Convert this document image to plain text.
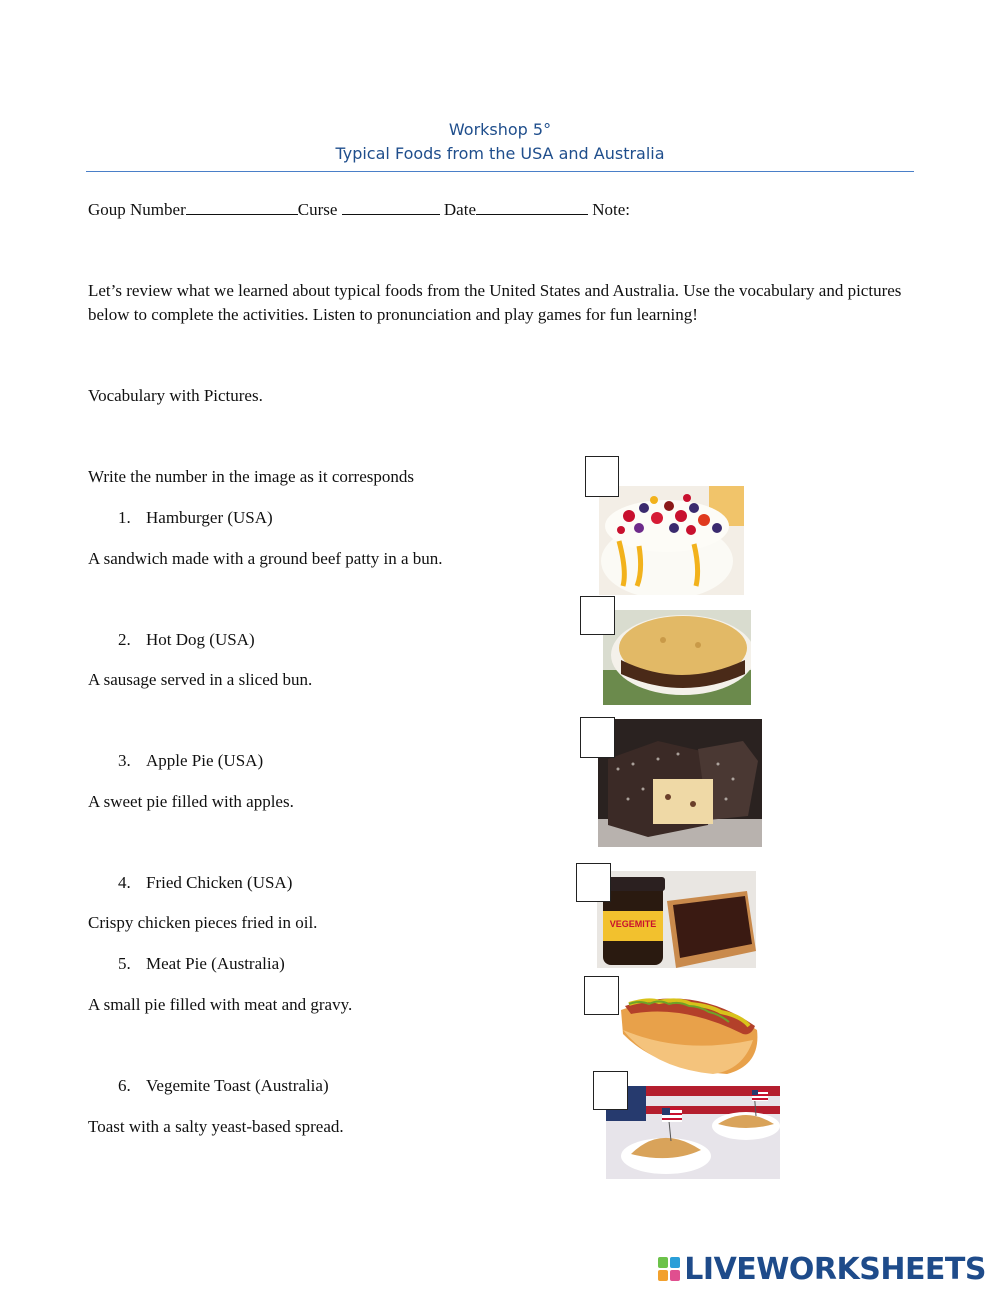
Workshop 5°
Typical Foods from the USA and Australia
Goup Number	Curse	Date	Note:
Let’s review what we learned about typical foods from the United States and Australia. Use the vocabulary and pictures below to complete the activities. Listen to pronunciation and play games for fun learning!
Vocabulary with Pictures.
Write the number in the image as it corresponds
1. Hamburger (USA)
A sandwich made with a ground beef patty in a bun.
2. Hot Dog (USA)
A sausage served in a sliced bun.
3. Apple Pie (USA)
A sweet pie filled with apples.
4. Fried Chicken (USA)
Crispy chicken pieces fried in oil.
5. Meat Pie (Australia)
A small pie filled with meat and gravy.
6. Vegemite Toast (Australia)
Toast with a salty yeast-based spread.
VEGEMITE
LIVEWORKSHEETS
